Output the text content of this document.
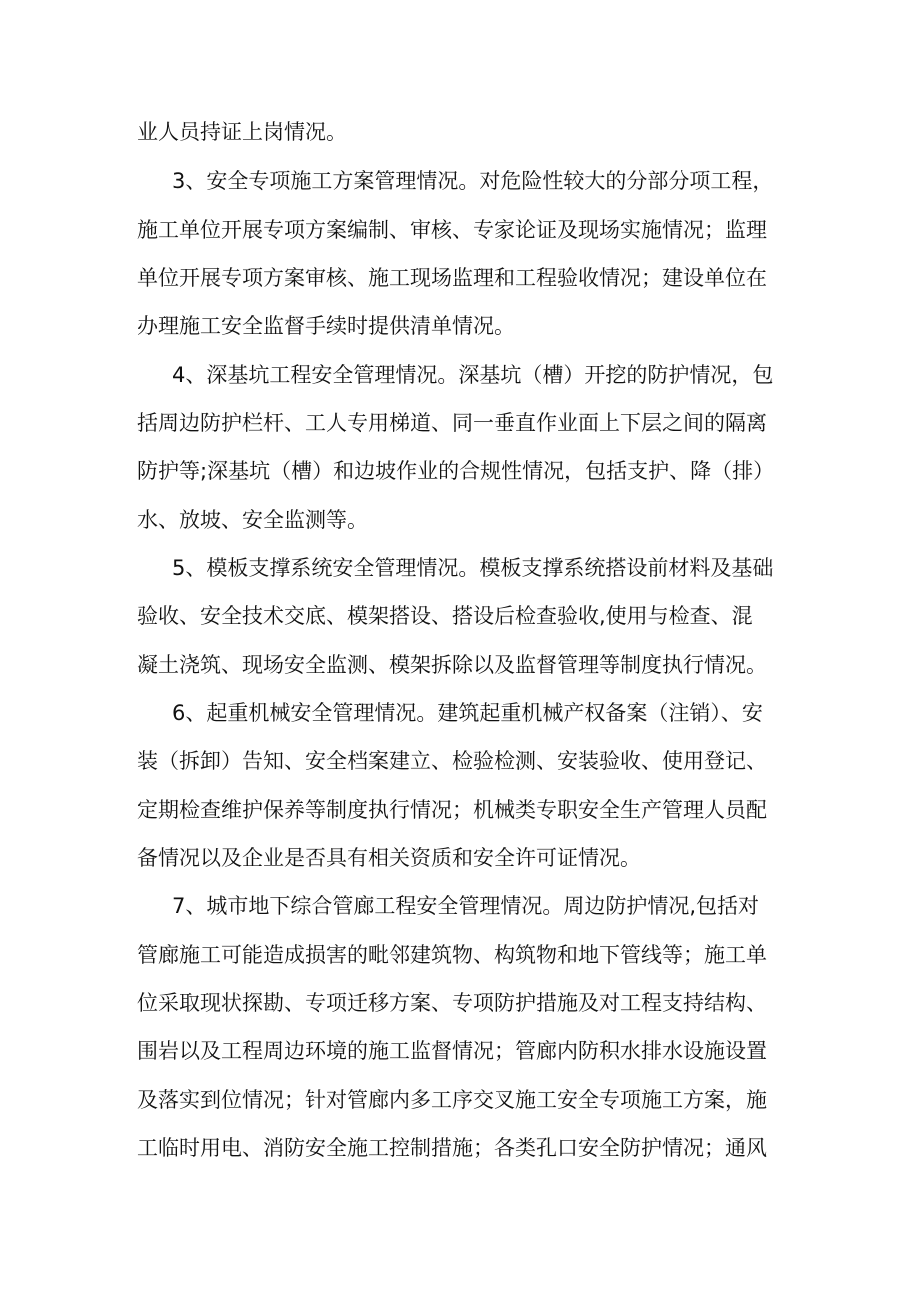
业人员持证上岗情况。
3、安全专项施工方案管理情况。对危险性较大的分部分项工程，
施工单位开展专项方案编制、审核、专家论证及现场实施情况；监理
单位开展专项方案审核、施工现场监理和工程验收情况；建设单位在
办理施工安全监督手续时提供清单情况。
4、深基坑工程安全管理情况。深基坑（槽）开挖的防护情况，包
括周边防护栏杆、工人专用梯道、同一垂直作业面上下层之间的隔离
防护等;深基坑（槽）和边坡作业的合规性情况，包括支护、降（排）
水、放坡、安全监测等。
5、模板支撑系统安全管理情况。模板支撑系统搭设前材料及基础
验收、安全技术交底、模架搭设、搭设后检查验收,使用与检查、混
凝土浇筑、现场安全监测、模架拆除以及监督管理等制度执行情况。
6、起重机械安全管理情况。建筑起重机械产权备案（注销）、安
装（拆卸）告知、安全档案建立、检验检测、安装验收、使用登记、
定期检查维护保养等制度执行情况；机械类专职安全生产管理人员配
备情况以及企业是否具有相关资质和安全许可证情况。
7、城市地下综合管廊工程安全管理情况。周边防护情况,包括对
管廊施工可能造成损害的毗邻建筑物、构筑物和地下管线等；施工单
位采取现状探勘、专项迁移方案、专项防护措施及对工程支持结构、
围岩以及工程周边环境的施工监督情况；管廊内防积水排水设施设置
及落实到位情况；针对管廊内多工序交叉施工安全专项施工方案，施
工临时用电、消防安全施工控制措施；各类孔口安全防护情况；通风
